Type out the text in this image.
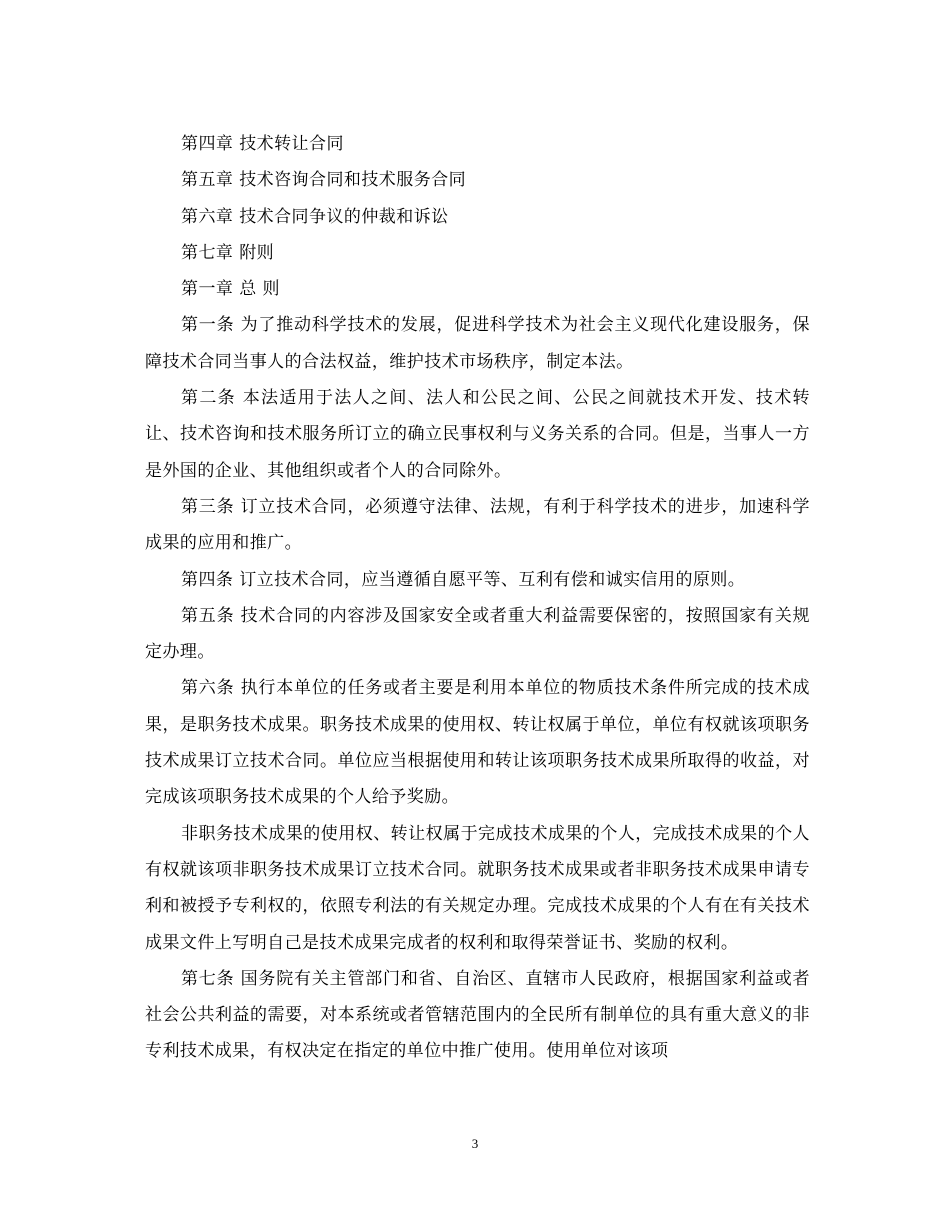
第四章 技术转让合同

第五章 技术咨询合同和技术服务合同

第六章 技术合同争议的仲裁和诉讼

第七章 附则

第一章 总 则

第一条 为了推动科学技术的发展，促进科学技术为社会主义现代化建设服务，保障技术合同当事人的合法权益，维护技术市场秩序，制定本法。

第二条 本法适用于法人之间、法人和公民之间、公民之间就技术开发、技术转让、技术咨询和技术服务所订立的确立民事权利与义务关系的合同。但是，当事人一方是外国的企业、其他组织或者个人的合同除外。

第三条 订立技术合同，必须遵守法律、法规，有利于科学技术的进步，加速科学成果的应用和推广。

第四条 订立技术合同，应当遵循自愿平等、互利有偿和诚实信用的原则。

第五条 技术合同的内容涉及国家安全或者重大利益需要保密的，按照国家有关规定办理。

第六条 执行本单位的任务或者主要是利用本单位的物质技术条件所完成的技术成果，是职务技术成果。职务技术成果的使用权、转让权属于单位，单位有权就该项职务技术成果订立技术合同。单位应当根据使用和转让该项职务技术成果所取得的收益，对完成该项职务技术成果的个人给予奖励。

非职务技术成果的使用权、转让权属于完成技术成果的个人，完成技术成果的个人有权就该项非职务技术成果订立技术合同。就职务技术成果或者非职务技术成果申请专利和被授予专利权的，依照专利法的有关规定办理。完成技术成果的个人有在有关技术成果文件上写明自己是技术成果完成者的权利和取得荣誉证书、奖励的权利。

第七条 国务院有关主管部门和省、自治区、直辖市人民政府，根据国家利益或者社会公共利益的需要，对本系统或者管辖范围内的全民所有制单位的具有重大意义的非专利技术成果，有权决定在指定的单位中推广使用。使用单位对该项

3
